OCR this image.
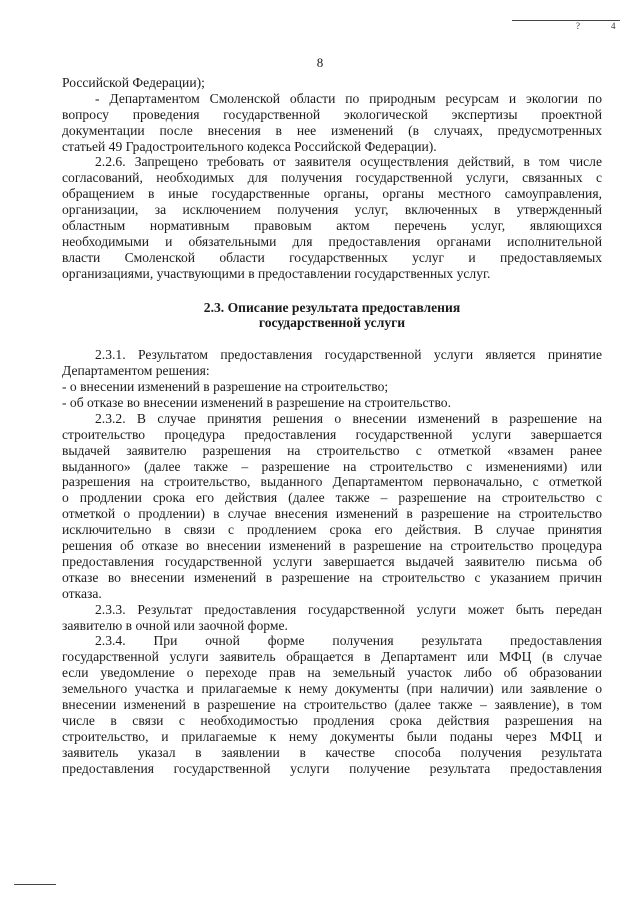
?	4
8
Российской Федерации);
- Департаментом Смоленской области по природным ресурсам и экологии по
вопросу проведения государственной экологической экспертизы проектной
документации после внесения в нее изменений (в случаях, предусмотренных
статьей 49 Градостроительного кодекса Российской Федерации).
2.2.6. Запрещено требовать от заявителя осуществления действий, в том числе
согласований, необходимых для получения государственной услуги, связанных с
обращением в иные государственные органы, органы местного самоуправления,
организации, за исключением получения услуг, включенных в утвержденный
областным нормативным правовым актом перечень услуг, являющихся
необходимыми и обязательными для предоставления органами исполнительной
власти Смоленской области государственных услуг и предоставляемых
организациями, участвующими в предоставлении государственных услуг.
2.3. Описание результата предоставления
государственной услуги
2.3.1. Результатом предоставления государственной услуги является принятие
Департаментом решения:
- о внесении изменений в разрешение на строительство;
- об отказе во внесении изменений в разрешение на строительство.
2.3.2. В случае принятия решения о внесении изменений в разрешение на
строительство процедура предоставления государственной услуги завершается
выдачей заявителю разрешения на строительство с отметкой «взамен ранее
выданного» (далее также – разрешение на строительство с изменениями) или
разрешения на строительство, выданного Департаментом первоначально, с отметкой
о продлении срока его действия (далее также – разрешение на строительство с
отметкой о продлении) в случае внесения изменений в разрешение на строительство
исключительно в связи с продлением срока его действия. В случае принятия
решения об отказе во внесении изменений в разрешение на строительство процедура
предоставления государственной услуги завершается выдачей заявителю письма об
отказе во внесении изменений в разрешение на строительство с указанием причин
отказа.
2.3.3. Результат предоставления государственной услуги может быть передан
заявителю в очной или заочной форме.
2.3.4. При очной форме получения результата предоставления
государственной услуги заявитель обращается в Департамент или МФЦ (в случае
если уведомление о переходе прав на земельный участок либо об образовании
земельного участка и прилагаемые к нему документы (при наличии) или заявление о
внесении изменений в разрешение на строительство (далее также – заявление), в том
числе в связи с необходимостью продления срока действия разрешения на
строительство, и прилагаемые к нему документы были поданы через МФЦ и
заявитель указал в заявлении в качестве способа получения результата
предоставления государственной услуги получение результата предоставления
